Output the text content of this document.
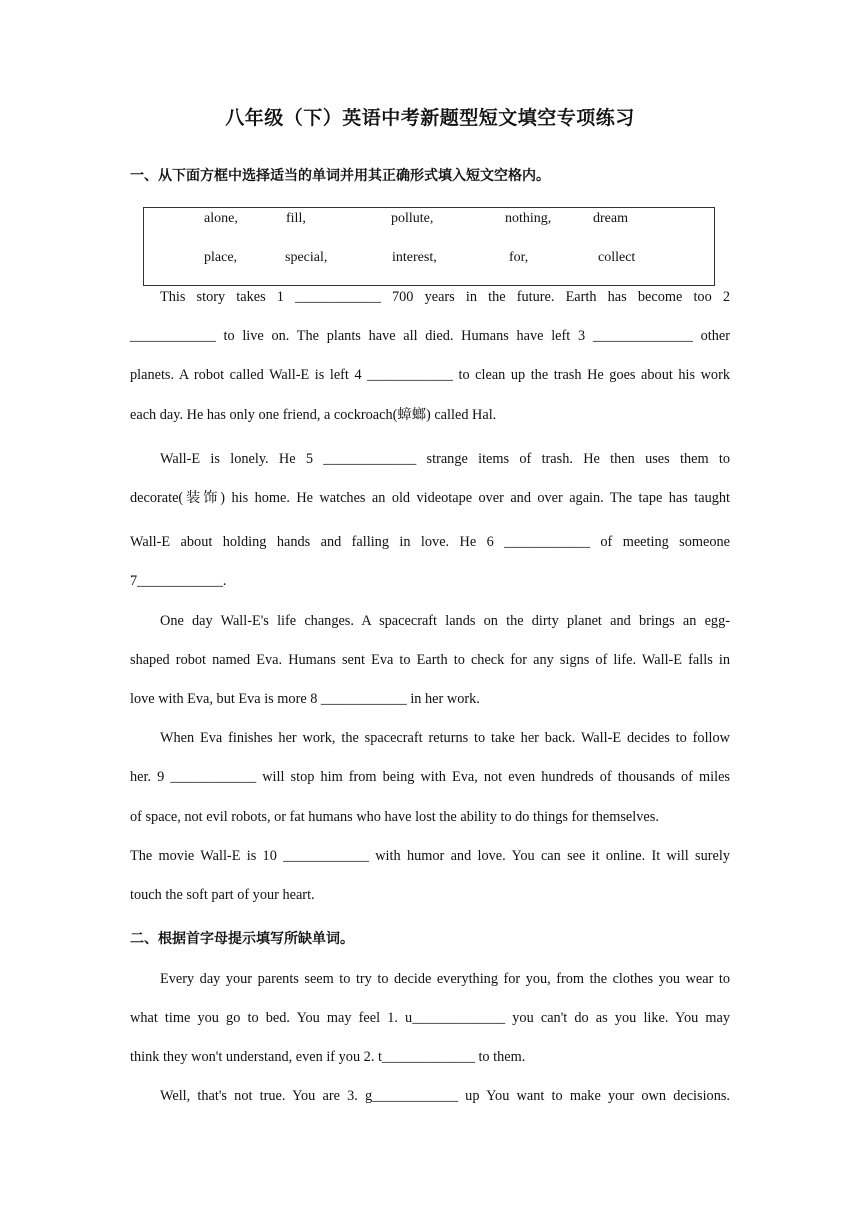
八年级（下）英语中考新题型短文填空专项练习
一、从下面方框中选择适当的单词并用其正确形式填入短文空格内。
alone,	fill,	pollute,	nothing,	dream
place,	special,	interest,	for,	collect
This story takes 1 ____________ 700 years in the future. Earth has become too 2
____________ to live on. The plants have all died. Humans have left 3 ______________ other
planets. A robot called Wall-E is left 4 ____________ to clean up the trash He goes about his work
each day. He has only one friend, a cockroach(蟑螂) called Hal.
Wall-E is lonely. He 5 _____________ strange items of trash. He then uses them to
decorate(装饰) his home. He watches an old videotape over and over again. The tape has taught
Wall-E about holding hands and falling in love. He 6 ____________ of meeting someone
7____________.
One day Wall-E's life changes. A spacecraft lands on the dirty planet and brings an egg-
shaped robot named Eva. Humans sent Eva to Earth to check for any signs of life. Wall-E falls in
love with Eva, but Eva is more 8 ____________ in her work.
When Eva finishes her work, the spacecraft returns to take her back. Wall-E decides to follow
her. 9 ____________ will stop him from being with Eva, not even hundreds of thousands of miles
of space, not evil robots, or fat humans who have lost the ability to do things for themselves.
The movie Wall-E is 10 ____________ with humor and love. You can see it online. It will surely
touch the soft part of your heart.
二、根据首字母提示填写所缺单词。
Every day your parents seem to try to decide everything for you, from the clothes you wear to
what time you go to bed. You may feel 1. u_____________ you can't do as you like. You may
think they won't understand, even if you 2. t_____________ to them.
Well, that's not true. You are 3. g____________ up You want to make your own decisions.
